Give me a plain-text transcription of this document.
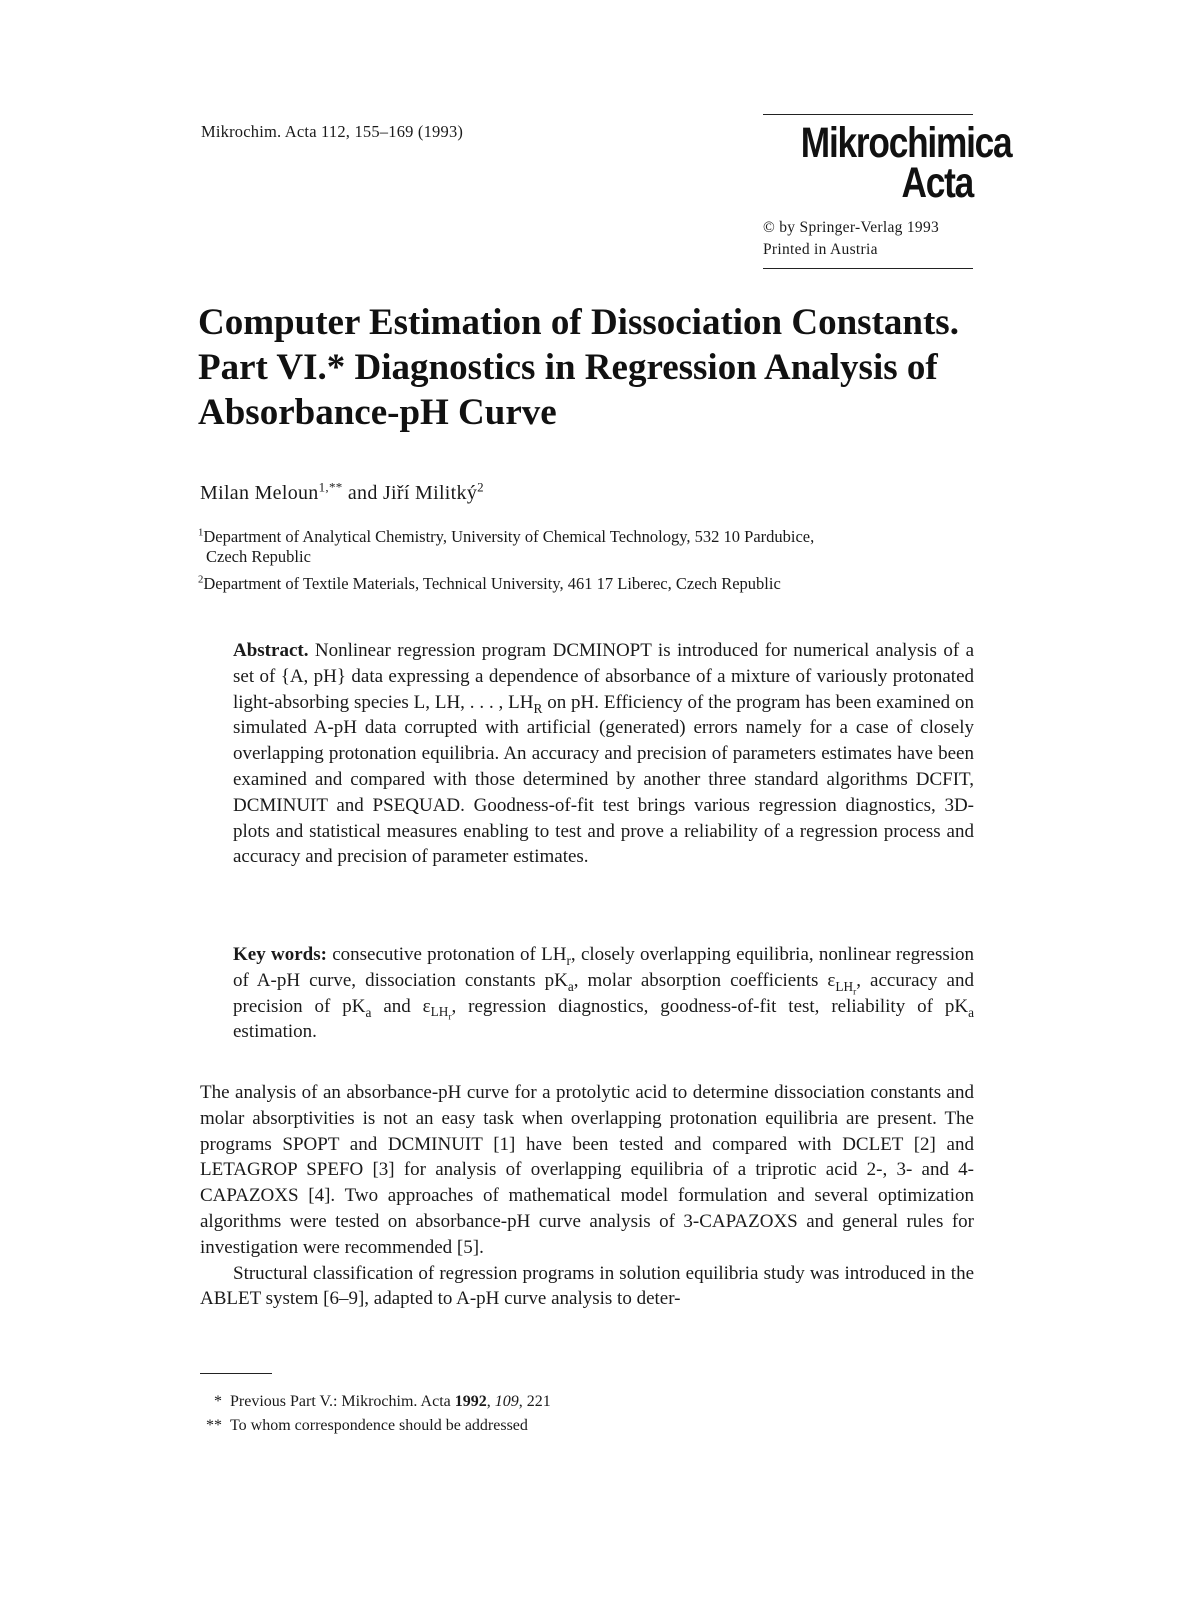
Mikrochim. Acta 112, 155–169 (1993)	Mikrochimica
Acta
© by Springer-Verlag 1993
Printed in Austria
Computer Estimation of Dissociation Constants.
Part VI.* Diagnostics in Regression Analysis of
Absorbance-pH Curve
Milan Meloun$^{1,**}$ and Jiří Militký$^2$
$^1$Department of Analytical Chemistry, University of Chemical Technology, 532 10 Pardubice,
Czech Republic
$^2$Department of Textile Materials, Technical University, 461 17 Liberec, Czech Republic
Abstract. Nonlinear regression program DCMINOPT is introduced for numerical analysis of a set of {A, pH} data expressing a dependence of absorbance of a mixture of variously protonated light-absorbing species L, LH, . . . , $LH_R$ on pH. Efficiency of the program has been examined on simulated A-pH data corrupted with artificial (generated) errors namely for a case of closely overlapping protonation equilibria. An accuracy and precision of parameters estimates have been examined and compared with those determined by another three standard algorithms DCFIT, DCMINUIT and PSEQUAD. Goodness-of-fit test brings various regression diagnostics, 3D-plots and statistical measures enabling to test and prove a reliability of a regression process and accuracy and precision of parameter estimates.
Key words: consecutive protonation of $LH_r$, closely overlapping equilibria, nonlinear regression of A-pH curve, dissociation constants $pK_a$, molar absorption coefficients $\varepsilon_{LH_r}$, accuracy and precision of $pK_a$ and $\varepsilon_{LH_r}$, regression diagnostics, goodness-of-fit test, reliability of $pK_a$ estimation.

The analysis of an absorbance-pH curve for a protolytic acid to determine dissociation constants and molar absorptivities is not an easy task when overlapping protonation equilibria are present. The programs SPOPT and DCMINUIT [1] have been tested and compared with DCLET [2] and LETAGROP SPEFO [3] for analysis of overlapping equilibria of a triprotic acid 2-, 3- and 4-CAPAZOXS [4]. Two approaches of mathematical model formulation and several optimization algorithms were tested on absorbance-pH curve analysis of 3-CAPAZOXS and general rules for investigation were recommended [5].

Structural classification of regression programs in solution equilibria study was introduced in the ABLET system [6–9], adapted to A-pH curve analysis to deter-

* Previous Part V.: Mikrochim. Acta 1992, 109, 221
** To whom correspondence should be addressed
